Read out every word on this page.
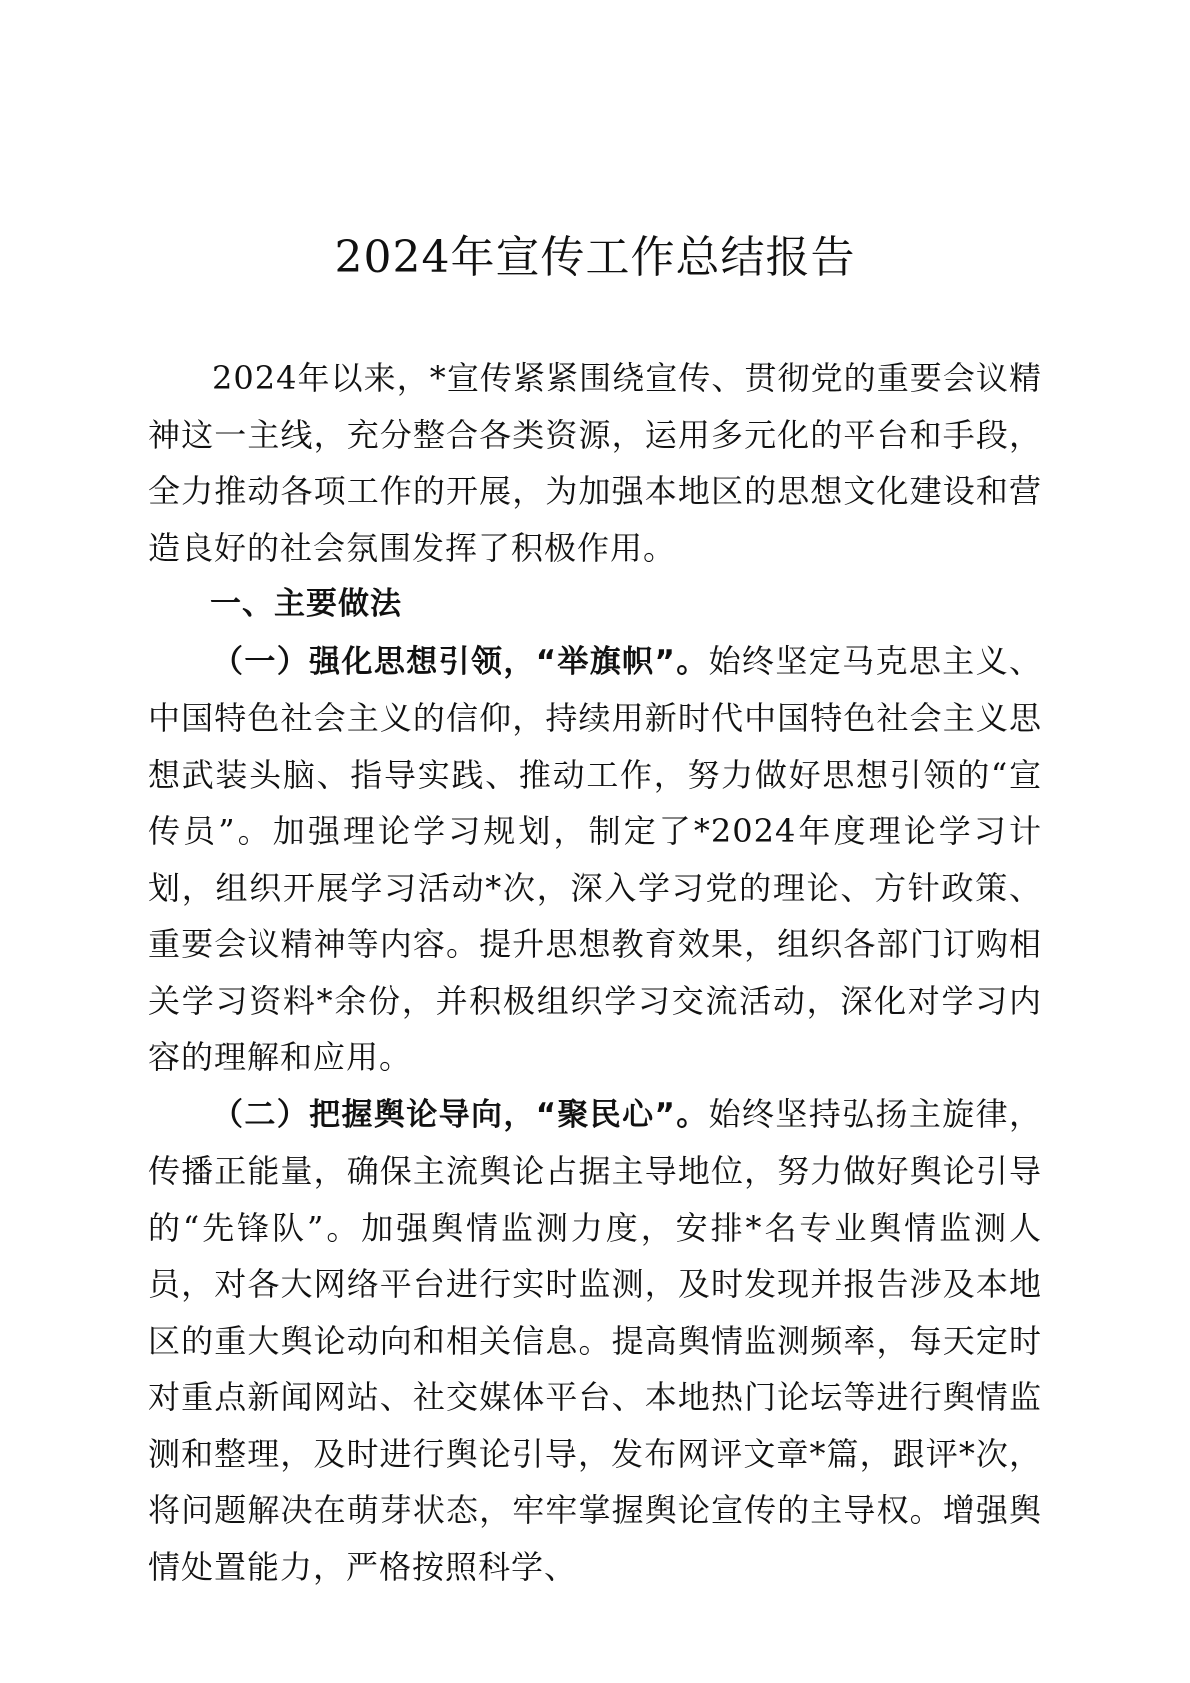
2024年宣传工作总结报告

2024年以来，*宣传紧紧围绕宣传、贯彻党的重要会议精神这一主线，充分整合各类资源，运用多元化的平台和手段，全力推动各项工作的开展，为加强本地区的思想文化建设和营造良好的社会氛围发挥了积极作用。

一、主要做法

（一）强化思想引领，“举旗帜”。始终坚定马克思主义、中国特色社会主义的信仰，持续用新时代中国特色社会主义思想武装头脑、指导实践、推动工作，努力做好思想引领的“宣传员”。加强理论学习规划，制定了*2024年度理论学习计划，组织开展学习活动*次，深入学习党的理论、方针政策、重要会议精神等内容。提升思想教育效果，组织各部门订购相关学习资料*余份，并积极组织学习交流活动，深化对学习内容的理解和应用。

（二）把握舆论导向，“聚民心”。始终坚持弘扬主旋律，传播正能量，确保主流舆论占据主导地位，努力做好舆论引导的“先锋队”。加强舆情监测力度，安排*名专业舆情监测人员，对各大网络平台进行实时监测，及时发现并报告涉及本地区的重大舆论动向和相关信息。提高舆情监测频率，每天定时对重点新闻网站、社交媒体平台、本地热门论坛等进行舆情监测和整理，及时进行舆论引导，发布网评文章*篇，跟评*次，将问题解决在萌芽状态，牢牢掌握舆论宣传的主导权。增强舆情处置能力，严格按照科学、
